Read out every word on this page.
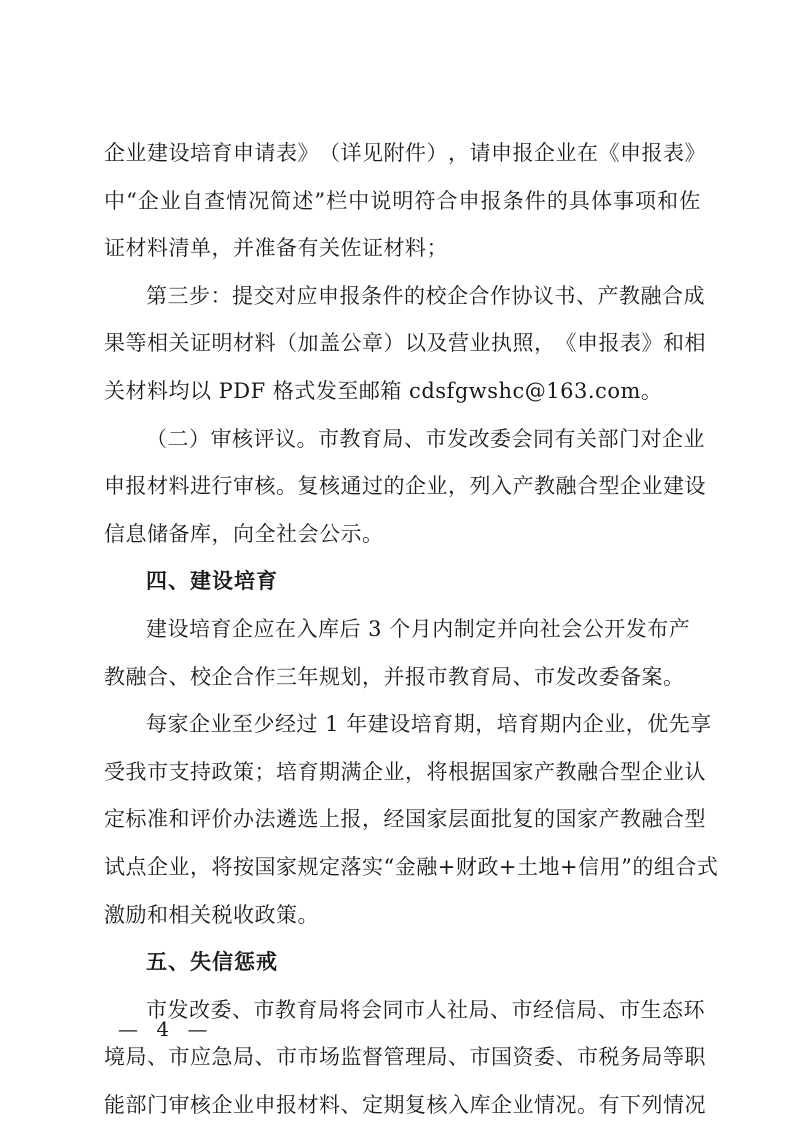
企 业 建 设 培 育 申 请 表 》 （ 详 见 附 件 ） ， 请 申 报 企 业 在 《 申 报 表 》
中 “ 企 业 自 查 情 况 简 述 ” 栏 中 说 明 符 合 申 报 条 件 的 具 体 事 项 和 佐
证材料清单，并准备有关佐证材料；
第三步：提交对应申报条件的校企合作协议书、产教融合成
果 等 相 关 证 明 材 料 （ 加 盖 公 章 ） 以 及 营 业 执 照 ， 《 申 报 表 》 和 相
关材料均以 PDF 格式发至邮箱 cdsfgwshc@163.com。
（二）审核评议。市教育局、市发改委会同有关部门对企业
申 报 材 料 进 行 审 核 。 复 核 通 过 的 企 业 ， 列 入 产 教 融 合 型 企 业 建 设
信息储备库，向全社会公示。
四、建设培育
建设培育企应在入库后 3 个月内制定并向社会公开发布产
教融合、校企合作三年规划，并报市教育局、市发改委备案。
每家企业至少经过 1 年建设培育期，培育期内企业，优先享
受 我 市 支 持 政 策 ； 培 育 期 满 企 业 ， 将 根 据 国 家 产 教 融 合 型 企 业 认
定 标 准 和 评 价 办 法 遴 选 上 报 ， 经 国 家 层 面 批 复 的 国 家 产 教 融 合 型
试 点 企 业 ， 将 按 国 家 规 定 落 实 “ 金 融 + 财 政 + 土 地 + 信 用 ” 的 组 合 式
激励和相关税收政策。
五、失信惩戒
市发改委、市教育局将会同市人社局、市经信局、市生态环
境 局 、 市 应 急 局 、 市 市 场 监 督 管 理 局 、 市 国 资 委 、 市 税 务 局 等 职
能 部 门 审 核 企 业 申 报 材 料 、 定 期 复 核 入 库 企 业 情 况 。 有 下 列 情 况
— 4 —
